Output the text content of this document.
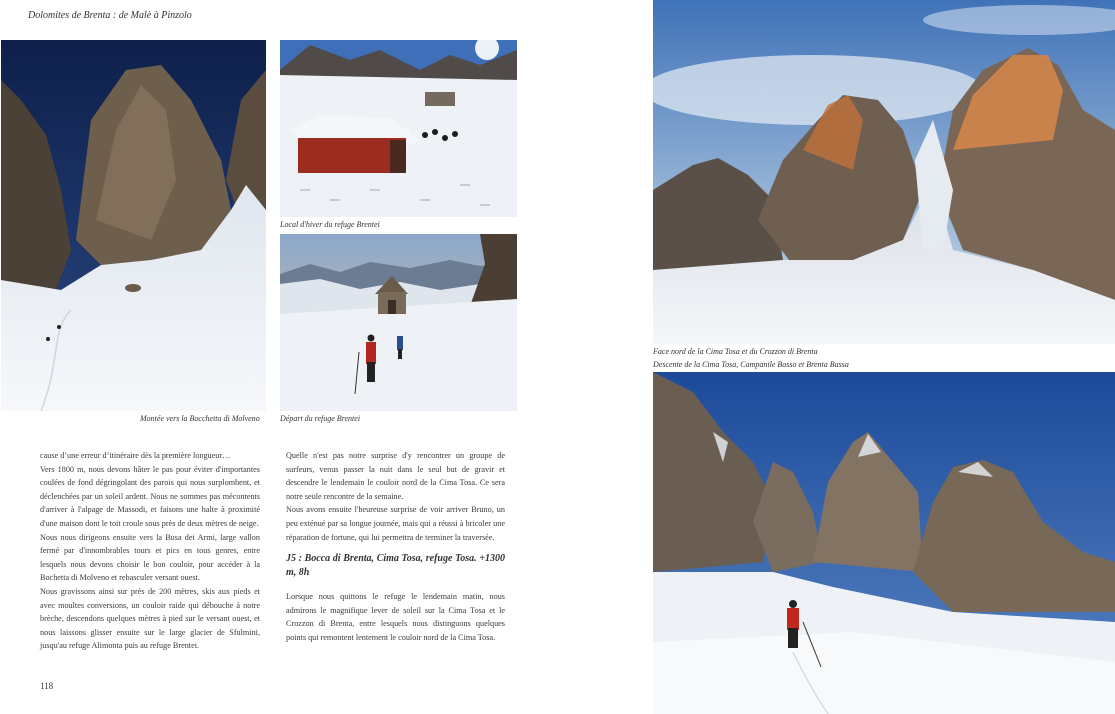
Dolomites de Brenta : de Malè à Pinzolo
Montée vers la Bocchetta di Molveno
Local d'hiver du refuge Brentei
Départ du refuge Brentei
Face nord de la Cima Tosa et du Crozzon di Brenta
Descente de la Cima Tosa, Campanile Basso et Brenta Bassa

cause d’une erreur d’itinéraire dès la première longueur…

Vers 1800 m, nous devons hâter le pas pour éviter d'importantes coulées de fond dégringolant des parois qui nous surplombent, et déclenchées par un soleil ardent. Nous ne sommes pas mécontents d'arriver à l'alpage de Massodi, et faisons une halte à proximité d'une maison dont le toit croule sous près de deux mètres de neige.

Nous nous dirigeons ensuite vers la Busa dei Armi, large vallon fermé par d'innombrables tours et pics en tous genres, entre lesquels nous devons choisir le bon couloir, pour accéder à la Bochetta di Molveno et rebasculer versant ouest.

Nous gravissons ainsi sur près de 200 mètres, skis aux pieds et avec moultes conversions, un couloir raide qui débouche à notre brèche, descendons quelques mètres à pied sur le versant ouest, et nous laissons glisser ensuite sur le large glacier de Sfulmini, jusqu'au refuge Alimonta puis au refuge Brentei.

Quelle n'est pas notre surprise d'y rencontrer un groupe de surfeurs, venus passer la nuit dans le seul but de gravir et descendre le lendemain le couloir nord de la Cima Tosa. Ce sera notre seule rencontre de la semaine.

Nous avons ensuite l'heureuse surprise de voir arriver Bruno, un peu exténué par sa longue journée, mais qui a réussi à bricoler une réparation de fortune, qui lui permettra de terminer la traversée.

J5 : Bocca di Brenta, Cima Tosa, refuge Tosa. +1300 m, 8h

Lorsque nous quittons le refuge le lendemain matin, nous admirons le magnifique lever de soleil sur la Cima Tosa et le Crozzon di Brenta, entre lesquels nous distinguons quelques points qui remontent lentement le couloir nord de la Cima Tosa.

118
